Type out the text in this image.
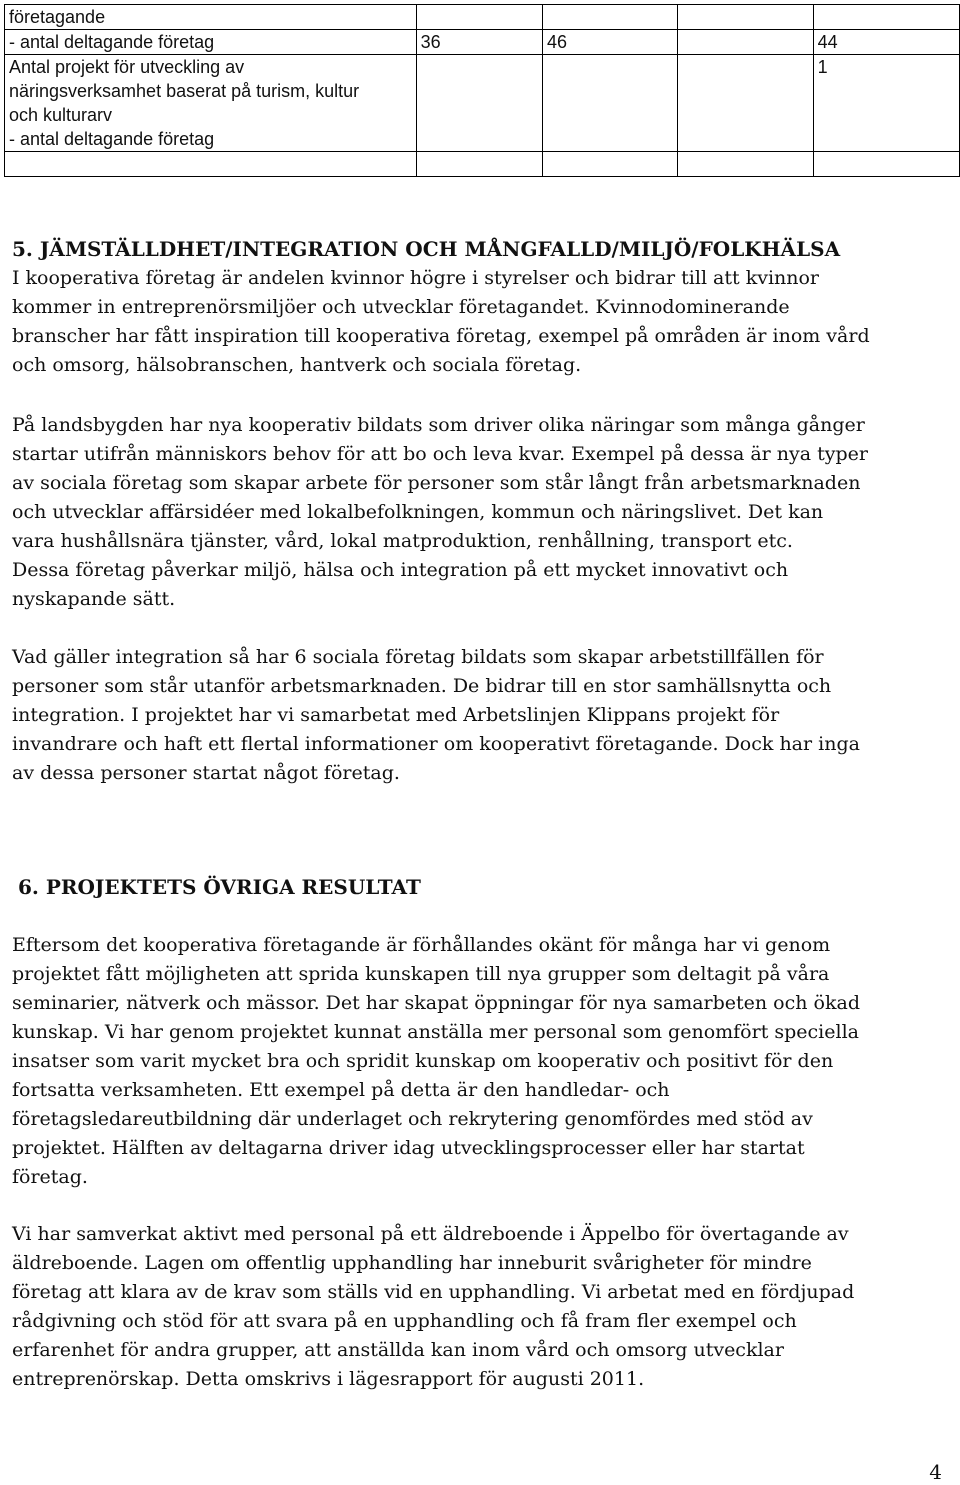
företagande				

- antal deltagande företag	36	46		44

Antal projekt för utveckling av
näringsverksamhet baserat på turism, kultur
och kulturarv
- antal deltagande företag				1

5. JÄMSTÄLLDHET/INTEGRATION OCH MÅNGFALLD/MILJÖ/FOLKHÄLSA

I kooperativa företag är andelen kvinnor högre i styrelser och bidrar till att kvinnor
kommer in entreprenörsmiljöer och utvecklar företagandet. Kvinnodominerande
branscher har fått inspiration till kooperativa företag, exempel på områden är inom vård
och omsorg, hälsobranschen, hantverk och sociala företag.

På landsbygden har nya kooperativ bildats som driver olika näringar som många gånger
startar utifrån människors behov för att bo och leva kvar. Exempel på dessa är nya typer
av sociala företag som skapar arbete för personer som står långt från arbetsmarknaden
och utvecklar affärsidéer med lokalbefolkningen, kommun och näringslivet. Det kan
vara hushållsnära tjänster, vård, lokal matproduktion, renhållning, transport etc.
Dessa företag påverkar miljö, hälsa och integration på ett mycket innovativt och
nyskapande sätt.

Vad gäller integration så har 6 sociala företag bildats som skapar arbetstillfällen för
personer som står utanför arbetsmarknaden. De bidrar till en stor samhällsnytta och
integration. I projektet har vi samarbetat med Arbetslinjen Klippans projekt för
invandrare och haft ett flertal informationer om kooperativt företagande. Dock har inga
av dessa personer startat något företag.

6. PROJEKTETS ÖVRIGA RESULTAT

Eftersom det kooperativa företagande är förhållandes okänt för många har vi genom
projektet fått möjligheten att sprida kunskapen till nya grupper som deltagit på våra
seminarier, nätverk och mässor. Det har skapat öppningar för nya samarbeten och ökad
kunskap. Vi har genom projektet kunnat anställa mer personal som genomfört speciella
insatser som varit mycket bra och spridit kunskap om kooperativ och positivt för den
fortsatta verksamheten. Ett exempel på detta är den handledar- och
företagsledareutbildning där underlaget och rekrytering genomfördes med stöd av
projektet. Hälften av deltagarna driver idag utvecklingsprocesser eller har startat
företag.

Vi har samverkat aktivt med personal på ett äldreboende i Äppelbo för övertagande av
äldreboende. Lagen om offentlig upphandling har inneburit svårigheter för mindre
företag att klara av de krav som ställs vid en upphandling. Vi arbetat med en fördjupad
rådgivning och stöd för att svara på en upphandling och få fram fler exempel och
erfarenhet för andra grupper, att anställda kan inom vård och omsorg utvecklar
entreprenörskap. Detta omskrivs i lägesrapport för augusti 2011.

4
